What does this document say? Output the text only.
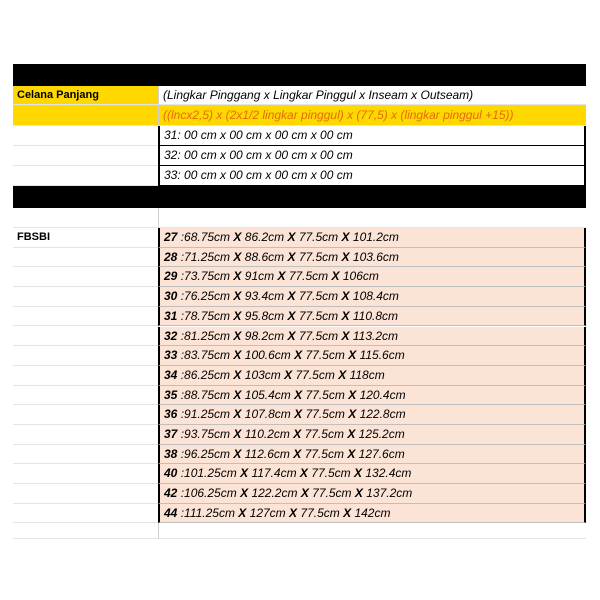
Celana Panjang	(Lingkar Pinggang x Lingkar Pinggul x Inseam x Outseam)
((lncx2,5) x (2x1/2 lingkar pinggul) x (77,5) x (lingkar pinggul +15))
31: 00 cm x 00 cm x 00 cm x 00 cm
32: 00 cm x 00 cm x 00 cm x 00 cm
33: 00 cm x 00 cm x 00 cm x 00 cm
FBSBI	27 :68.75cm X 86.2cm X 77.5cm X 101.2cm
28 :71.25cm X 88.6cm X 77.5cm X 103.6cm
29 :73.75cm X 91cm X 77.5cm X 106cm
30 :76.25cm X 93.4cm X 77.5cm X 108.4cm
31 :78.75cm X 95.8cm X 77.5cm X 110.8cm
32 :81.25cm X 98.2cm X 77.5cm X 113.2cm
33 :83.75cm X 100.6cm X 77.5cm X 115.6cm
34 :86.25cm X 103cm X 77.5cm X 118cm
35 :88.75cm X 105.4cm X 77.5cm X 120.4cm
36 :91.25cm X 107.8cm X 77.5cm X 122.8cm
37 :93.75cm X 110.2cm X 77.5cm X 125.2cm
38 :96.25cm X 112.6cm X 77.5cm X 127.6cm
40 :101.25cm X 117.4cm X 77.5cm X 132.4cm
42 :106.25cm X 122.2cm X 77.5cm X 137.2cm
44 :111.25cm X 127cm X 77.5cm X 142cm
